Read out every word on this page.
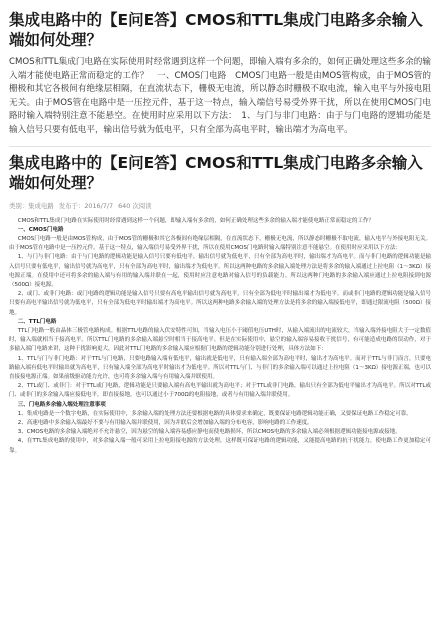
集成电路中的【E问E答】CMOS和TTL集成门电路多余输入端如何处理？
CMOS和TTL集成门电路在实际使用时经常遇到这样一个问题，即输入端有多余的，如何正确处理这些多余的输入端才能使电路正常而稳定的工作？　一、CMOS门电路　CMOS门电路一般是由MOS管构成，由于MOS管的栅极和其它各极间有绝缘层相隔，在直流状态下，栅极无电流，所以静态时栅极不取电流，输入电平与外接电阻无关。由于MOS管在电路中是一压控元件，基于这一特点，输入端信号易受外界干扰，所以在使用CMOS门电路时输入端特别注意不能悬空。在使用时应采用以下方法：　1、与门与非门电路：由于与门电路的逻辑功能是输入信号只要有低电平，输出信号就为低电平，只有全部为高电平时，输出端才为高电平。
集成电路中的【E问E答】CMOS和TTL集成门电路多余输入端如何处理？
类别：集成电路 发布于：2016/7/7 640 次阅读

CMOS和TTL集成门电路在实际使用时经常遇到这样一个问题，即输入端有多余的，如何正确处理这些多余的输入端才能使电路正常而稳定的工作？

一、CMOS门电路

CMOS门电路一般是由MOS管构成，由于MOS管的栅极和其它各极间有绝缘层相隔，在直流状态下，栅极无电流，所以静态时栅极不取电流，输入电平与外接电阻无关。由于MOS管在电路中是一压控元件，基于这一特点，输入端信号易受外界干扰，所以在使用CMOS门电路时输入端特别注意不能悬空。在使用时应采用以下方法：

1、与门与非门电路：由于与门电路的逻辑功能是输入信号只要有低电平，输出信号就为低电平，只有全部为高电平时，输出端才为高电平。而与非门电路的逻辑功能是输入信号只要有低电平，输出信号就为高电平，只有全部为高电平时，输出端才为低电平。所以这两种电路的多余输入端处理方法是将多余的输入端通过上拉电阻（1～3KΩ）接电源正端。在使用中还可将多余的输入端与有用的输入端并联在一起，使用时应注意电路对输入信号的负载能力。所以这两种门电路的多余输入端应通过上拉电阻接到电源（500Ω）接电源。

2、或门、或非门电路：或门电路的逻辑功能是输入信号只要有高电平输出信号就为高电平，只有全部为低电平时输出端才为低电平。而或非门电路的逻辑功能是输入信号只要有高电平输出信号就为低电平，只有全部为低电平时输出端才为高电平。所以这两种电路多余输入端的处理方法是将多余的输入端接低电平，即通过限流电阻（500Ω）接地。

二、TTL门电路

TTL门电路一般由晶体三极管电路构成。根据TTL电路的输入伏安特性可知，当输入电压小于阈值电压UTH时，从输入端流出的电流较大，当输入端外接电阻大于一定数值时，输入端就相当于接高电平。所以TTL门电路的多余输入端悬空时相当于接高电平。但是在实际使用中，悬空的输入端容易接收干扰信号，有可能造成电路的误动作，对于多输入端门电路来讲，这种干扰影响更大，因此对TTL门电路的多余输入端应根据门电路的逻辑功能分别进行处理，具体方法如下：

1、TTL与门与非门电路：对于TTL与门电路，只要电路输入端有低电平，输出就是低电平，只有输入端全部为高电平时，输出才为高电平。而对于TTL与非门而言，只要电路输入端有低电平时输出就为高电平，只有输入端全部为高电平时输出才为低电平。所以对TTL与门、与非门的多余输入端可以通过上拉电阻（1～3KΩ）接电源正端，也可以直接接电源正端。如果前级驱动能力允许，也可将多余输入端与有用输入端并联使用。

2、TTL或门、或非门：对于TTL或门电路，逻辑功能是只要输入端有高电平输出就为高电平；对于TTL或非门电路，输出只有全部为低电平输出才为高电平。所以对TTL或门、或非门的多余输入端应接低电平，即直接接地，也可以通过小于700Ω的电阻接地，或者与有用输入端并联使用。

三、门电路多余输入端处理注意事项

1、集成电路是一个数字电路，在实际使用中，多余输入端的处理方法还要根据电路的具体要求来确定，既要保证电路逻辑功能正确，又要保证电路工作稳定可靠。

2、高速电路中多余输入端最好不要与有用输入端并联使用，因为并联后会增加输入端的分布电容，影响电路的工作速度。

3、CMOS电路的多余输入端绝对不允许悬空，因为悬空的输入端容易感应静电而使电路损坏，所以CMOS电路的多余输入端必须根据逻辑功能接电源或接地。

4、在TTL集成电路的使用中，对多余输入端一般可采用上拉电阻接电源的方法处理，这样既可保证电路的逻辑功能，又能提高电路的抗干扰能力，使电路工作更加稳定可靠。
